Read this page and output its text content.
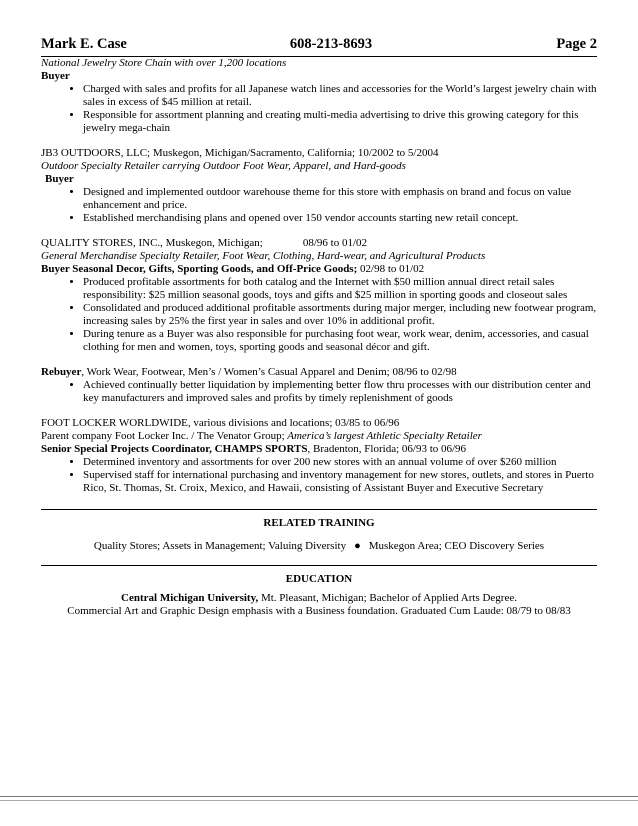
Mark E. Case	608-213-8693	Page 2

National Jewelry Store Chain with over 1,200 locations

Buyer

• Charged with sales and profits for all Japanese watch lines and accessories for the World’s largest jewelry chain with sales in excess of $45 million at retail.
• Responsible for assortment planning and creating multi-media advertising to drive this growing category for this jewelry mega-chain

JB3 OUTDOORS, LLC; Muskegon, Michigan/Sacramento, California; 10/2002 to 5/2004

Outdoor Specialty Retailer carrying Outdoor Foot Wear, Apparel, and Hard-goods

Buyer

• Designed and implemented outdoor warehouse theme for this store with emphasis on brand and focus on value enhancement and price.
• Established merchandising plans and opened over 150 vendor accounts starting new retail concept.

QUALITY STORES, INC., Muskegon, Michigan;	08/96 to 01/02

General Merchandise Specialty Retailer, Foot Wear, Clothing, Hard-wear, and Agricultural Products

Buyer Seasonal Decor, Gifts, Sporting Goods, and Off-Price Goods; 02/98 to 01/02

• Produced profitable assortments for both catalog and the Internet with $50 million annual direct retail sales responsibility: $25 million seasonal goods, toys and gifts and $25 million in sporting goods and closeout sales
• Consolidated and produced additional profitable assortments during major merger, including new footwear program, increasing sales by 25% the first year in sales and over 10% in additional profit.
• During tenure as a Buyer was also responsible for purchasing foot wear, work wear, denim, accessories, and casual clothing for men and women, toys, sporting goods and seasonal décor and gift.

Rebuyer, Work Wear, Footwear, Men’s / Women’s Casual Apparel and Denim; 08/96 to 02/98

• Achieved continually better liquidation by implementing better flow thru processes with our distribution center and key manufacturers and improved sales and profits by timely replenishment of goods

FOOT LOCKER WORLDWIDE, various divisions and locations; 03/85 to 06/96

Parent company Foot Locker Inc. / The Venator Group; America’s largest Athletic Specialty Retailer

Senior Special Projects Coordinator, CHAMPS SPORTS, Bradenton, Florida; 06/93 to 06/96

• Determined inventory and assortments for over 200 new stores with an annual volume of over $260 million
• Supervised staff for international purchasing and inventory management for new stores, outlets, and stores in Puerto Rico, St. Thomas, St. Croix, Mexico, and Hawaii, consisting of Assistant Buyer and Executive Secretary

RELATED TRAINING

Quality Stores; Assets in Management; Valuing Diversity ● Muskegon Area; CEO Discovery Series

EDUCATION

Central Michigan University, Mt. Pleasant, Michigan; Bachelor of Applied Arts Degree.

Commercial Art and Graphic Design emphasis with a Business foundation. Graduated Cum Laude: 08/79 to 08/83
